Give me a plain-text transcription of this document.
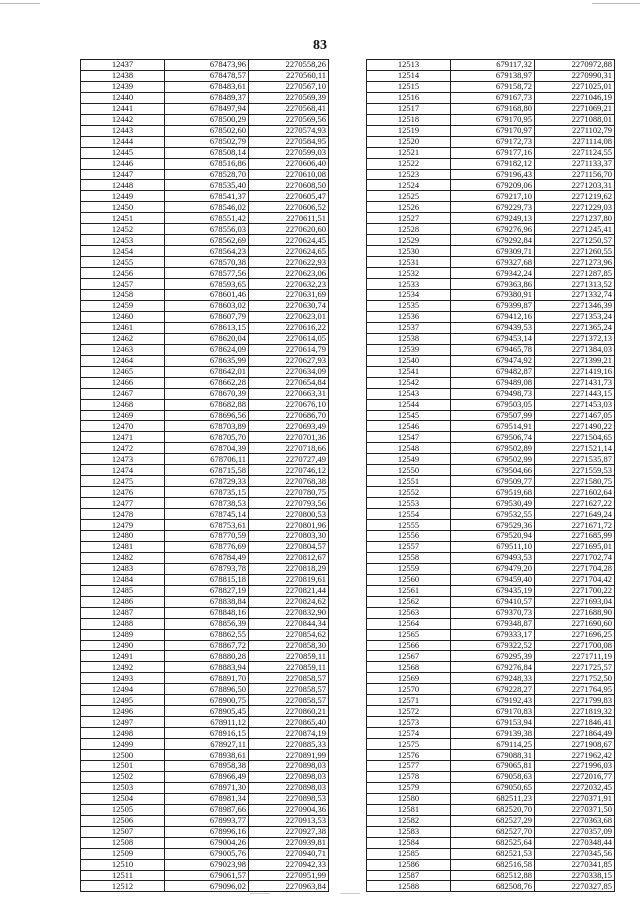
83
12437	678473,96	2270558,26
12438	678478,57	2270560,11
12439	678483,61	2270567,10
12440	678489,37	2270569,39
12441	678497,94	2270568,41
12442	678500,29	2270569,56
12443	678502,60	2270574,93
12444	678502,79	2270584,95
12445	678508,14	2270599,03
12446	678516,86	2270606,40
12447	678528,70	2270610,08
12448	678535,40	2270608,50
12449	678541,37	2270605,47
12450	678546,02	2270606,52
12451	678551,42	2270611,51
12452	678556,03	2270620,60
12453	678562,69	2270624,45
12454	678564,23	2270624,65
12455	678570,38	2270622,93
12456	678577,56	2270623,06
12457	678593,65	2270632,23
12458	678601,46	2270631,69
12459	678603,02	2270630,74
12460	678607,79	2270623,01
12461	678613,15	2270616,22
12462	678620,04	2270614,05
12463	678624,09	2270614,79
12464	678635,99	2270627,93
12465	678642,01	2270634,09
12466	678662,28	2270654,84
12467	678670,39	2270663,31
12468	678682,88	2270676,10
12469	678696,56	2270686,70
12470	678703,89	2270693,49
12471	678705,70	2270701,36
12472	678704,39	2270718,66
12473	678706,11	2270727,49
12474	678715,58	2270746,12
12475	678729,33	2270768,38
12476	678735,15	2270780,75
12477	678738,53	2270793,56
12478	678745,14	2270800,53
12479	678753,61	2270801,96
12480	678770,59	2270803,30
12481	678776,69	2270804,57
12482	678784,49	2270812,67
12483	678793,78	2270818,29
12484	678815,18	2270819,61
12485	678827,19	2270821,44
12486	678838,84	2270824,62
12487	678848,16	2270832,90
12488	678856,39	2270844,34
12489	678862,55	2270854,62
12490	678867,72	2270858,30
12491	678880,28	2270859,11
12492	678883,94	2270859,11
12493	678891,70	2270858,57
12494	678896,50	2270858,57
12495	678900,75	2270858,57
12496	678905,45	2270860,21
12497	678911,12	2270865,40
12498	678916,15	2270874,19
12499	678927,11	2270885,33
12500	678938,61	2270891,99
12501	678958,38	2270898,03
12502	678966,49	2270898,03
12503	678971,30	2270898,03
12504	678981,34	2270898,53
12505	678987,66	2270904,36
12506	678993,77	2270913,53
12507	678996,16	2270927,38
12508	679004,26	2270939,81
12509	679005,76	2270940,71
12510	679023,98	2270942,33
12511	679061,57	2270951,99
12512	679096,02	2270963,84
12513	679117,32	2270972,88
12514	679138,97	2270990,31
12515	679158,72	2271025,01
12516	679167,73	2271046,19
12517	679168,80	2271069,21
12518	679170,95	2271088,01
12519	679170,97	2271102,79
12520	679172,73	2271114,08
12521	679177,16	2271124,55
12522	679182,12	2271133,37
12523	679196,43	2271156,70
12524	679209,06	2271203,31
12525	679217,10	2271219,62
12526	679229,73	2271229,03
12527	679249,13	2271237,80
12528	679276,96	2271245,41
12529	679292,84	2271250,57
12530	679309,71	2271260,55
12531	679327,68	2271273,96
12532	679342,24	2271287,85
12533	679363,86	2271313,52
12534	679380,91	2271332,74
12535	679399,87	2271346,39
12536	679412,16	2271353,24
12537	679439,53	2271365,24
12538	679453,14	2271372,13
12539	679465,78	2271384,03
12540	679474,92	2271399,21
12541	679482,87	2271419,16
12542	679489,08	2271431,73
12543	679498,73	2271443,15
12544	679503,05	2271453,03
12545	679507,99	2271467,05
12546	679514,91	2271490,22
12547	679506,74	2271504,65
12548	679502,89	2271521,14
12549	679502,99	2271535,87
12550	679504,66	2271559,53
12551	679509,77	2271580,75
12552	679519,68	2271602,64
12553	679530,49	2271627,22
12554	679532,55	2271649,24
12555	679529,36	2271671,72
12556	679520,94	2271685,99
12557	679511,10	2271695,01
12558	679493,53	2271702,74
12559	679479,20	2271704,28
12560	679459,40	2271704,42
12561	679435,19	2271700,22
12562	679410,57	2271693,04
12563	679370,73	2271688,90
12564	679348,87	2271690,60
12565	679333,17	2271696,25
12566	679322,52	2271700,08
12567	679295,39	2271711,19
12568	679276,84	2271725,57
12569	679248,33	2271752,50
12570	679228,27	2271764,95
12571	679192,43	2271799,83
12572	679170,83	2271819,32
12573	679153,94	2271846,41
12574	679139,38	2271864,49
12575	679114,25	2271908,67
12576	679088,31	2271962,42
12577	679065,81	2271996,03
12578	679058,63	2272016,77
12579	679050,65	2272032,45
12580	682511,23	2270371,91
12581	682520,70	2270371,50
12582	682527,29	2270363,68
12583	682527,70	2270357,09
12584	682525,64	2270348,44
12585	682521,53	2270345,56
12586	682516,58	2270341,85
12587	682512,88	2270338,15
12588	682508,76	2270327,85
